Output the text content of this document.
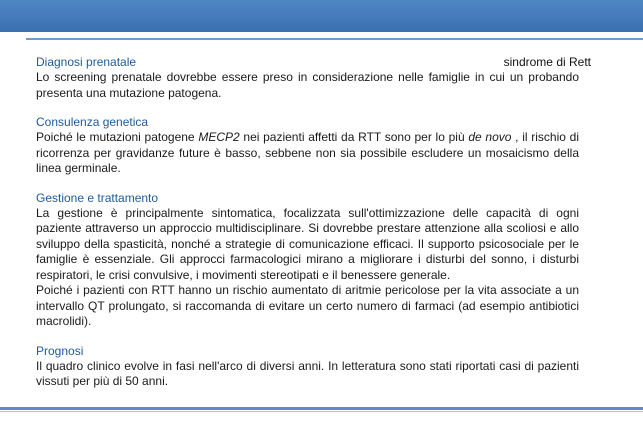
sindrome di Rett
Diagnosi prenatale

Lo screening prenatale dovrebbe essere preso in considerazione nelle famiglie in cui un probando presenta una mutazione patogena.

Consulenza genetica

Poiché le mutazioni patogene MECP2 nei pazienti affetti da RTT sono per lo più de novo , il rischio di ricorrenza per gravidanze future è basso, sebbene non sia possibile escludere un mosaicismo della linea germinale.

Gestione e trattamento

La gestione è principalmente sintomatica, focalizzata sull'ottimizzazione delle capacità di ogni paziente attraverso un approccio multidisciplinare. Si dovrebbe prestare attenzione alla scoliosi e allo sviluppo della spasticità, nonché a strategie di comunicazione efficaci. Il supporto psicosociale per le famiglie è essenziale. Gli approcci farmacologici mirano a migliorare i disturbi del sonno, i disturbi respiratori, le crisi convulsive, i movimenti stereotipati e il benessere generale.

Poiché i pazienti con RTT hanno un rischio aumentato di aritmie pericolose per la vita associate a un intervallo QT prolungato, si raccomanda di evitare un certo numero di farmaci (ad esempio antibiotici macrolidi).

Prognosi

Il quadro clinico evolve in fasi nell'arco di diversi anni. In letteratura sono stati riportati casi di pazienti vissuti per più di 50 anni.
